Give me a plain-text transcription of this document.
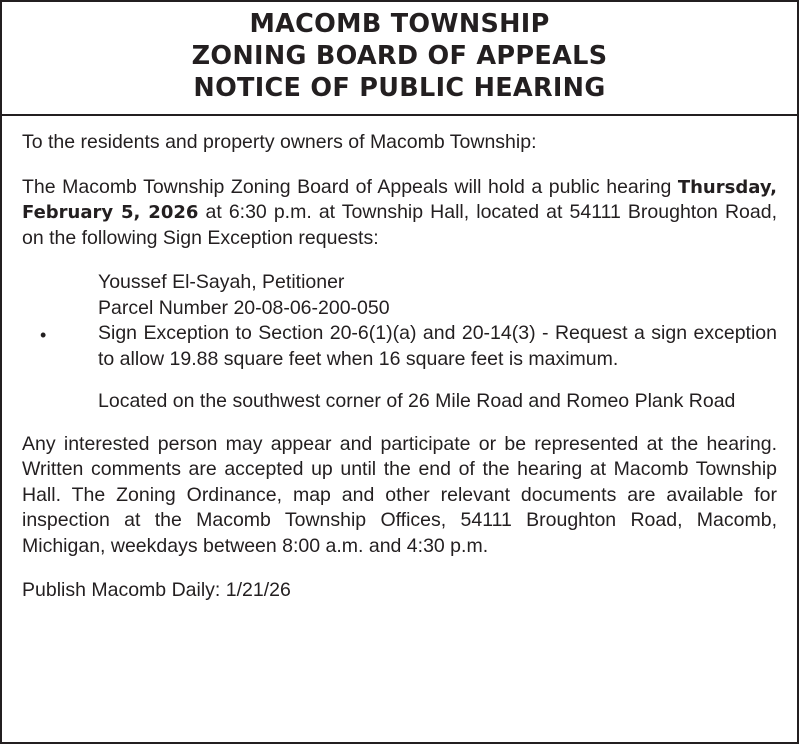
MACOMB TOWNSHIP
ZONING BOARD OF APPEALS
NOTICE OF PUBLIC HEARING

To the residents and property owners of Macomb Township:

The Macomb Township Zoning Board of Appeals will hold a public hearing Thursday, February 5, 2026 at 6:30 p.m. at Township Hall, located at 54111 Broughton Road, on the following Sign Exception requests:

•
Youssef El-Sayah, Petitioner
Parcel Number 20-08-06-200-050
Sign Exception to Section 20-6(1)(a) and 20-14(3) - Request a sign exception to allow 19.88 square feet when 16 square feet is maximum.

Located on the southwest corner of 26 Mile Road and Romeo Plank Road

Any interested person may appear and participate or be represented at the hearing. Written comments are accepted up until the end of the hearing at Macomb Township Hall. The Zoning Ordinance, map and other relevant documents are available for inspection at the Macomb Township Offices, 54111 Broughton Road, Macomb, Michigan, weekdays between 8:00 a.m. and 4:30 p.m.

Publish Macomb Daily: 1/21/26
